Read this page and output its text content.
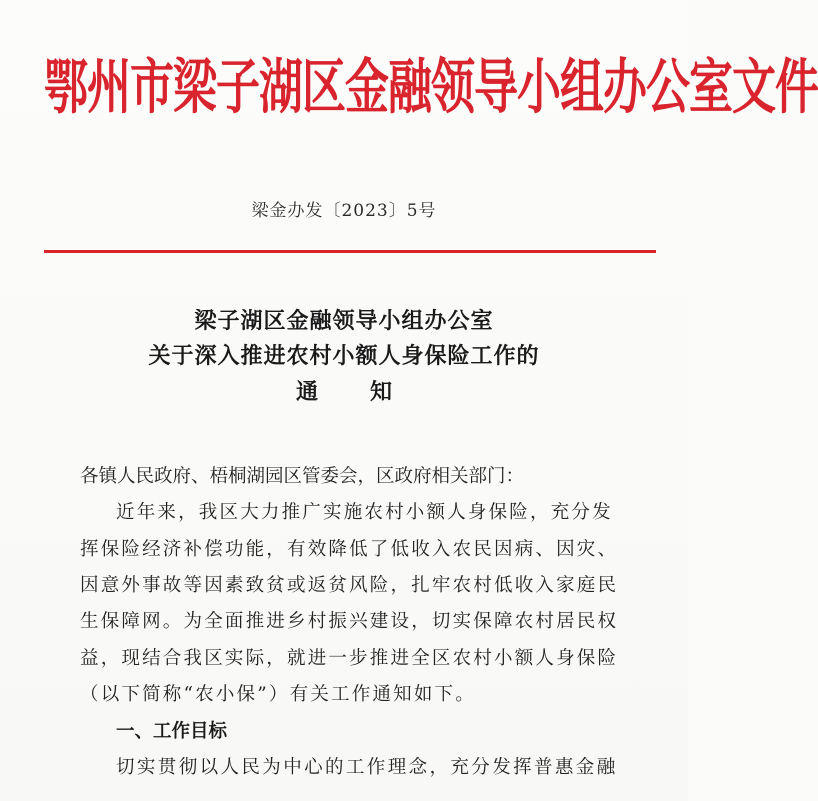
鄂州市梁子湖区金融领导小组办公室文件
梁金办发〔2023〕5号
梁子湖区金融领导小组办公室
关于深入推进农村小额人身保险工作的
通知
各镇人民政府、梧桐湖园区管委会，区政府相关部门：
近年来，我区大力推广实施农村小额人身保险，充分发
挥保险经济补偿功能，有效降低了低收入农民因病、因灾、
因意外事故等因素致贫或返贫风险，扎牢农村低收入家庭民
生保障网。为全面推进乡村振兴建设，切实保障农村居民权
益，现结合我区实际，就进一步推进全区农村小额人身保险
（以下简称“农小保”）有关工作通知如下。
一、工作目标
切实贯彻以人民为中心的工作理念，充分发挥普惠金融
